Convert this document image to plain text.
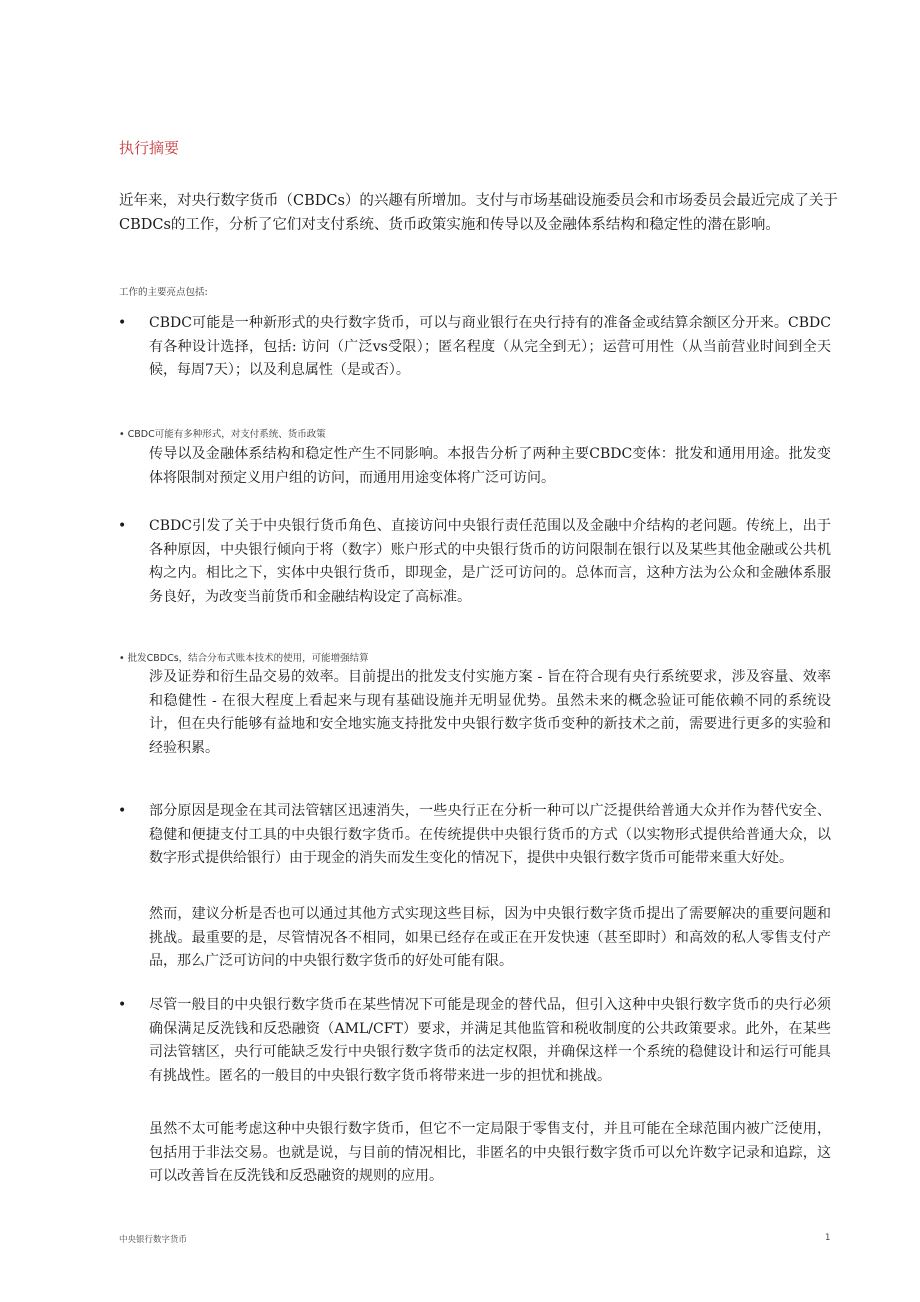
执行摘要
近年来，对央行数字货币（CBDCs）的兴趣有所增加。支付与市场基础设施委员会和市场委员会最近完成了关于CBDCs的工作，分析了它们对支付系统、货币政策实施和传导以及金融体系结构和稳定性的潜在影响。
工作的主要亮点包括:
• CBDC可能是一种新形式的央行数字货币，可以与商业银行在央行持有的准备金或结算余额区分开来。CBDC有各种设计选择，包括: 访问（广泛vs受限）；匿名程度（从完全到无）；运营可用性（从当前营业时间到全天候，每周7天）；以及利息属性（是或否）。
• CBDC可能有多种形式，对支付系统、货币政策
传导以及金融体系结构和稳定性产生不同影响。本报告分析了两种主要CBDC变体：批发和通用用途。批发变体将限制对预定义用户组的访问，而通用用途变体将广泛可访问。
• CBDC引发了关于中央银行货币角色、直接访问中央银行责任范围以及金融中介结构的老问题。传统上，出于各种原因，中央银行倾向于将（数字）账户形式的中央银行货币的访问限制在银行以及某些其他金融或公共机构之内。相比之下，实体中央银行货币，即现金，是广泛可访问的。总体而言，这种方法为公众和金融体系服务良好，为改变当前货币和金融结构设定了高标准。
• 批发CBDCs，结合分布式账本技术的使用，可能增强结算
涉及证券和衍生品交易的效率。目前提出的批发支付实施方案 - 旨在符合现有央行系统要求，涉及容量、效率和稳健性 - 在很大程度上看起来与现有基础设施并无明显优势。虽然未来的概念验证可能依赖不同的系统设计，但在央行能够有益地和安全地实施支持批发中央银行数字货币变种的新技术之前，需要进行更多的实验和经验积累。
• 部分原因是现金在其司法管辖区迅速消失，一些央行正在分析一种可以广泛提供给普通大众并作为替代安全、稳健和便捷支付工具的中央银行数字货币。在传统提供中央银行货币的方式（以实物形式提供给普通大众，以数字形式提供给银行）由于现金的消失而发生变化的情况下，提供中央银行数字货币可能带来重大好处。
然而，建议分析是否也可以通过其他方式实现这些目标，因为中央银行数字货币提出了需要解决的重要问题和挑战。最重要的是，尽管情况各不相同，如果已经存在或正在开发快速（甚至即时）和高效的私人零售支付产品，那么广泛可访问的中央银行数字货币的好处可能有限。
• 尽管一般目的中央银行数字货币在某些情况下可能是现金的替代品，但引入这种中央银行数字货币的央行必须确保满足反洗钱和反恐融资（AML/CFT）要求，并满足其他监管和税收制度的公共政策要求。此外，在某些司法管辖区，央行可能缺乏发行中央银行数字货币的法定权限，并确保这样一个系统的稳健设计和运行可能具有挑战性。匿名的一般目的中央银行数字货币将带来进一步的担忧和挑战。
虽然不太可能考虑这种中央银行数字货币，但它不一定局限于零售支付，并且可能在全球范围内被广泛使用，包括用于非法交易。也就是说，与目前的情况相比，非匿名的中央银行数字货币可以允许数字记录和追踪，这可以改善旨在反洗钱和反恐融资的规则的应用。
中央银行数字货币	1
